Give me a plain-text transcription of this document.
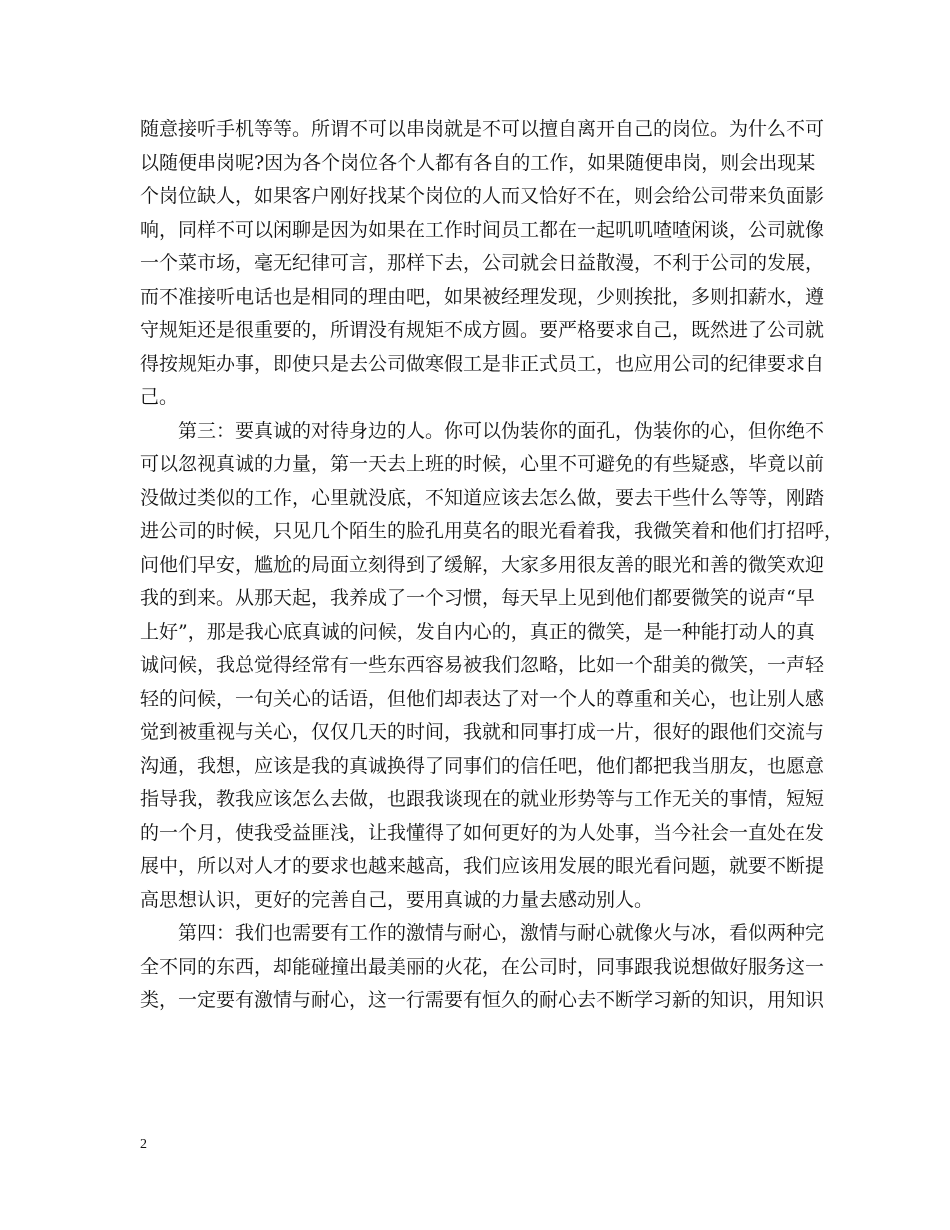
随意接听手机等等。所谓不可以串岗就是不可以擅自离开自己的岗位。为什么不可
以随便串岗呢?因为各个岗位各个人都有各自的工作，如果随便串岗，则会出现某
个岗位缺人，如果客户刚好找某个岗位的人而又恰好不在，则会给公司带来负面影
响，同样不可以闲聊是因为如果在工作时间员工都在一起叽叽喳喳闲谈，公司就像
一个菜市场，毫无纪律可言，那样下去，公司就会日益散漫，不利于公司的发展，
而不准接听电话也是相同的理由吧，如果被经理发现，少则挨批，多则扣薪水，遵
守规矩还是很重要的，所谓没有规矩不成方圆。要严格要求自己，既然进了公司就
得按规矩办事，即使只是去公司做寒假工是非正式员工，也应用公司的纪律要求自
己。
第三：要真诚的对待身边的人。你可以伪装你的面孔，伪装你的心，但你绝不
可以忽视真诚的力量，第一天去上班的时候，心里不可避免的有些疑惑，毕竟以前
没做过类似的工作，心里就没底，不知道应该去怎么做，要去干些什么等等，刚踏
进公司的时候，只见几个陌生的脸孔用莫名的眼光看着我，我微笑着和他们打招呼，
问他们早安，尴尬的局面立刻得到了缓解，大家多用很友善的眼光和善的微笑欢迎
我的到来。从那天起，我养成了一个习惯，每天早上见到他们都要微笑的说声“早
上好”，那是我心底真诚的问候，发自内心的，真正的微笑，是一种能打动人的真
诚问候，我总觉得经常有一些东西容易被我们忽略，比如一个甜美的微笑，一声轻
轻的问候，一句关心的话语，但他们却表达了对一个人的尊重和关心，也让别人感
觉到被重视与关心，仅仅几天的时间，我就和同事打成一片，很好的跟他们交流与
沟通，我想，应该是我的真诚换得了同事们的信任吧，他们都把我当朋友，也愿意
指导我，教我应该怎么去做，也跟我谈现在的就业形势等与工作无关的事情，短短
的一个月，使我受益匪浅，让我懂得了如何更好的为人处事，当今社会一直处在发
展中，所以对人才的要求也越来越高，我们应该用发展的眼光看问题，就要不断提
高思想认识，更好的完善自己，要用真诚的力量去感动别人。
第四：我们也需要有工作的激情与耐心，激情与耐心就像火与冰，看似两种完
全不同的东西，却能碰撞出最美丽的火花，在公司时，同事跟我说想做好服务这一
类，一定要有激情与耐心，这一行需要有恒久的耐心去不断学习新的知识，用知识
2
